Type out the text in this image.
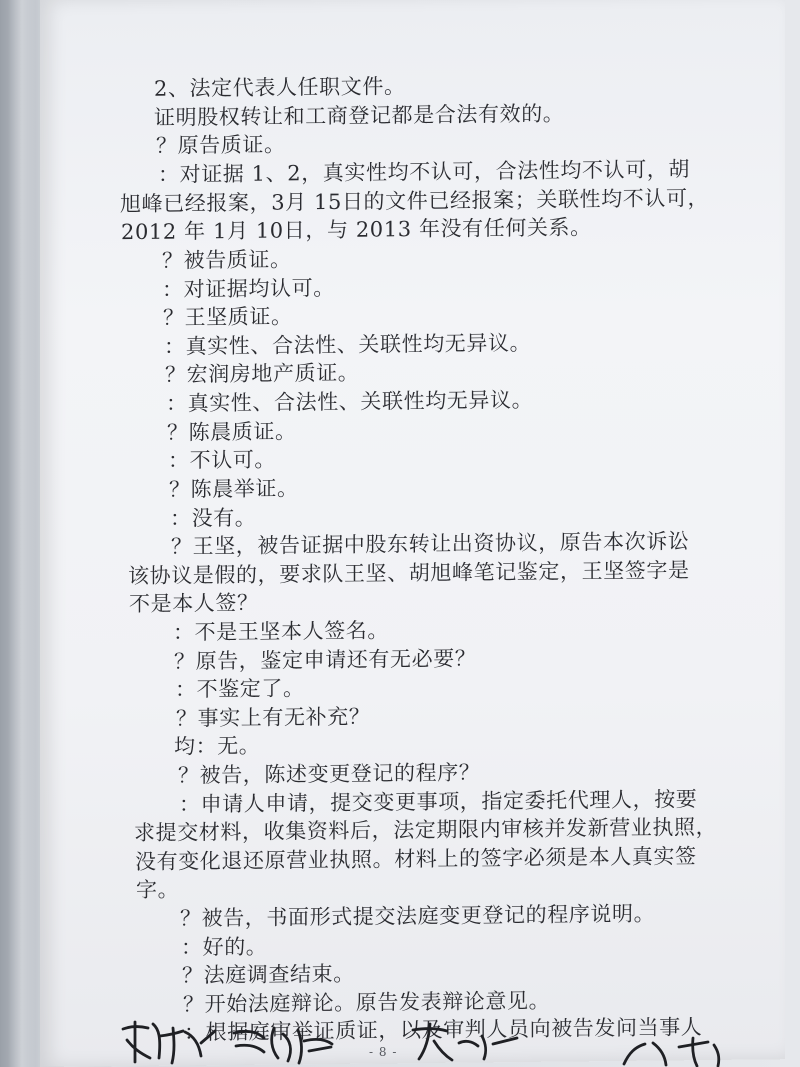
2、法定代表人任职文件。
证明股权转让和工商登记都是合法有效的。
？原告质证。
：对证据 1、2，真实性均不认可，合法性均不认可，胡
旭峰已经报案，3月 15日的文件已经报案；关联性均不认可，
2012 年 1月 10日，与 2013 年没有任何关系。
？被告质证。
：对证据均认可。
？王坚质证。
：真实性、合法性、关联性均无异议。
？宏润房地产质证。
：真实性、合法性、关联性均无异议。
？陈晨质证。
：不认可。
？陈晨举证。
：没有。
？王坚，被告证据中股东转让出资协议，原告本次诉讼
该协议是假的，要求队王坚、胡旭峰笔记鉴定，王坚签字是
不是本人签？
：不是王坚本人签名。
？原告，鉴定申请还有无必要？
：不鉴定了。
？事实上有无补充？
均：无。
？被告，陈述变更登记的程序？
：申请人申请，提交变更事项，指定委托代理人，按要
求提交材料，收集资料后，法定期限内审核并发新营业执照，
没有变化退还原营业执照。材料上的签字必须是本人真实签
字。
？被告，书面形式提交法庭变更登记的程序说明。
：好的。
？法庭调查结束。
？开始法庭辩论。原告发表辩论意见。
：根据庭审举证质证，以及审判人员向被告发问当事人
- 8 -
